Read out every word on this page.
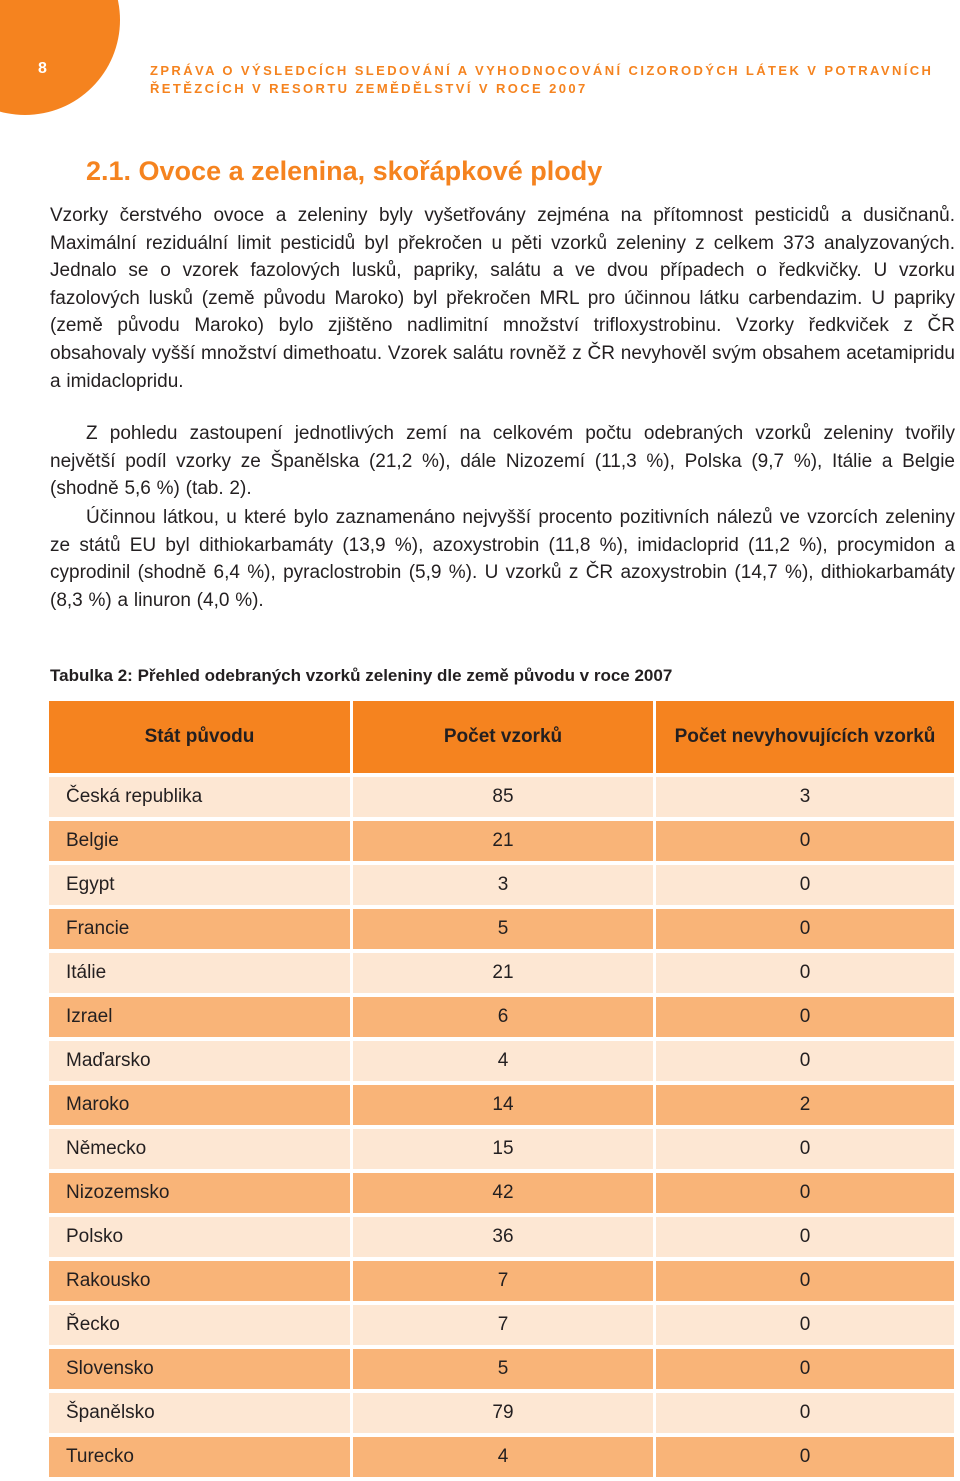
8	ZPRÁVA O VÝSLEDCÍCH SLEDOVÁNÍ A VYHODNOCOVÁNÍ CIZORODÝCH LÁTEK V POTRAVNÍCH
ŘETĚZCÍCH V RESORTU ZEMĚDĚLSTVÍ V ROCE 2007
2.1. Ovoce a zelenina, skořápkové plody

Vzorky čerstvého ovoce a zeleniny byly vyšetřovány zejména na přítomnost pesticidů a dusičnanů. Maximální reziduální limit pesticidů byl překročen u pěti vzorků zeleniny z celkem 373 analyzovaných. Jednalo se o vzorek fazolových lusků, papriky, salátu a ve dvou případech o ředkvičky. U vzorku fazolových lusků (země původu Maroko) byl překročen MRL pro účinnou látku carbendazim. U papriky (země původu Maroko) bylo zjištěno nadlimitní množství trifloxystrobinu. Vzorky ředkviček z ČR obsahovaly vyšší množství dimethoatu. Vzorek salátu rovněž z ČR nevyhověl svým obsahem acetamipridu a imidaclopridu.

Z pohledu zastoupení jednotlivých zemí na celkovém počtu odebraných vzorků zeleniny tvořily největší podíl vzorky ze Španělska (21,2 %), dále Nizozemí (11,3 %), Polska (9,7 %), Itálie a Belgie (shodně 5,6 %) (tab. 2).

Účinnou látkou, u které bylo zaznamenáno nejvyšší procento pozitivních nálezů ve vzorcích zeleniny ze států EU byl dithiokarbamáty (13,9 %), azoxystrobin (11,8 %), imidacloprid (11,2 %), procymidon a cyprodinil (shodně 6,4 %), pyraclostrobin (5,9 %). U vzorků z ČR azoxystrobin (14,7 %), dithiokarbamáty (8,3 %) a linuron (4,0 %).

Tabulka 2: Přehled odebraných vzorků zeleniny dle země původu v roce 2007

Stát původu	Počet vzorků	Počet nevyhovujících vzorků
Česká republika	85	3
Belgie	21	0
Egypt	3	0
Francie	5	0
Itálie	21	0
Izrael	6	0
Maďarsko	4	0
Maroko	14	2
Německo	15	0
Nizozemsko	42	0
Polsko	36	0
Rakousko	7	0
Řecko	7	0
Slovensko	5	0
Španělsko	79	0
Turecko	4	0
